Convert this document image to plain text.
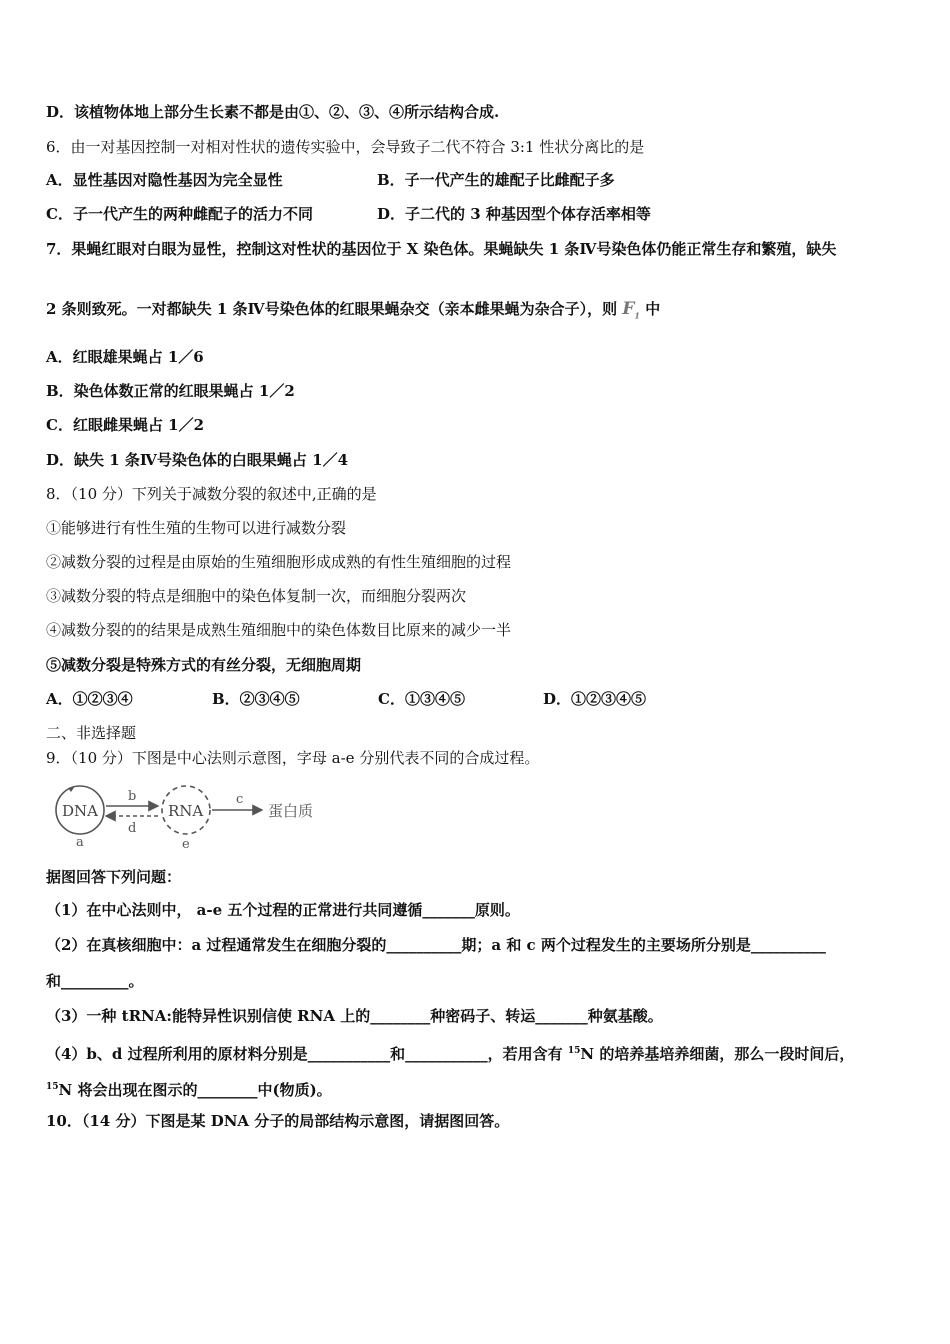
D．该植物体地上部分生长素不都是由①、②、③、④所示结构合成.
6．由一对基因控制一对相对性状的遗传实验中，会导致子二代不符合 3:1 性状分离比的是
A．显性基因对隐性基因为完全显性	B．子一代产生的雄配子比雌配子多
C．子一代产生的两种雌配子的活力不同	D．子二代的 3 种基因型个体存活率相等
7．果蝇红眼对白眼为显性，控制这对性状的基因位于 X 染色体。果蝇缺失 1 条Ⅳ号染色体仍能正常生存和繁殖，缺失
2 条则致死。一对都缺失 1 条Ⅳ号染色体的红眼果蝇杂交（亲本雌果蝇为杂合子），则 $F_1$ 中
A．红眼雄果蝇占 1／6
B．染色体数正常的红眼果蝇占 1／2
C．红眼雌果蝇占 1／2
D．缺失 1 条Ⅳ号染色体的白眼果蝇占 1／4
8．（10 分）下列关于减数分裂的叙述中,正确的是
①能够进行有性生殖的生物可以进行减数分裂
②减数分裂的过程是由原始的生殖细胞形成成熟的有性生殖细胞的过程
③减数分裂的特点是细胞中的染色体复制一次，而细胞分裂两次
④减数分裂的的结果是成熟生殖细胞中的染色体数目比原来的减少一半
⑤减数分裂是特殊方式的有丝分裂，无细胞周期
A．①②③④	B．②③④⑤	C．①③④⑤	D．①②③④⑤
二、非选择题
9．（10 分）下图是中心法则示意图，字母 a-e 分别代表不同的合成过程。
DNA
a
b
d
RNA
e
c
蛋白质
据图回答下列问题：
（1）在中心法则中， a-e 五个过程的正常进行共同遵循_______原则。
（2）在真核细胞中：a 过程通常发生在细胞分裂的__________期；a 和 c 两个过程发生的主要场所分别是__________
和_________。
（3）一种 tRNA:能特异性识别信使 RNA 上的________种密码子、转运_______种氨基酸。
（4）b、d 过程所利用的原材料分别是___________和___________，若用含有 $^{15}$N 的培养基培养细菌，那么一段时间后，
$^{15}$N 将会出现在图示的________中(物质)。
10．（14 分）下图是某 DNA 分子的局部结构示意图，请据图回答。
